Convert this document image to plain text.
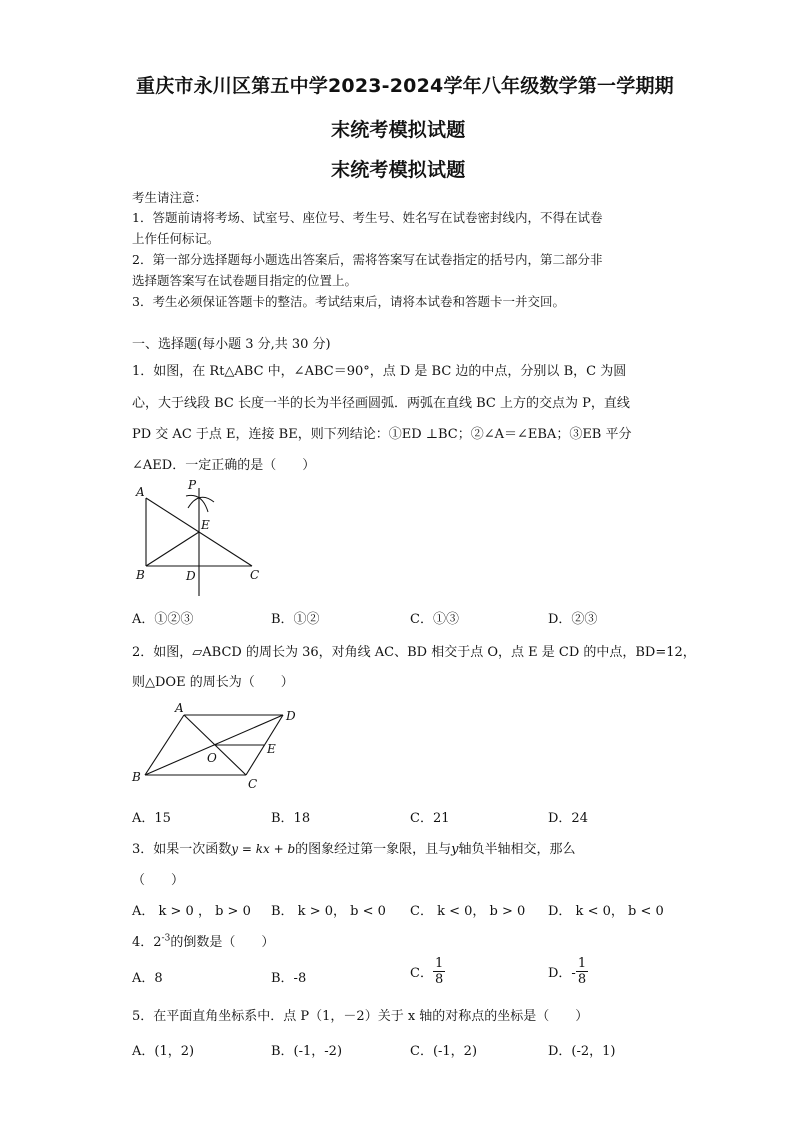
重庆市永川区第五中学2023-2024学年八年级数学第一学期期
末统考模拟试题
末统考模拟试题
考生请注意：
1．答题前请将考场、试室号、座位号、考生号、姓名写在试卷密封线内，不得在试卷
上作任何标记。
2．第一部分选择题每小题选出答案后，需将答案写在试卷指定的括号内，第二部分非
选择题答案写在试卷题目指定的位置上。
3．考生必须保证答题卡的整洁。考试结束后，请将本试卷和答题卡一并交回。
一、选择题(每小题 3 分,共 30 分)
1．如图，在 Rt△ABC 中，∠ABC＝90°，点 D 是 BC 边的中点，分别以 B，C 为圆
心，大于线段 BC 长度一半的长为半径画圆弧．两弧在直线 BC 上方的交点为 P，直线
PD 交 AC 于点 E，连接 BE，则下列结论：①ED ⊥BC；②∠A＝∠EBA；③EB 平分
∠AED．一定正确的是（　　）
A	P
E
B	D	C
A．①②③	B．①②	C．①③	D．②③
2．如图，▱ABCD 的周长为 36，对角线 AC、BD 相交于点 O，点 E 是 CD 的中点，BD=12，
则△DOE 的周长为（　　）
A
D
O
E
B	C
A．15	B．18	C．21	D．24
3．如果一次函数y = kx + b的图象经过第一象限，且与y轴负半轴相交，那么
（　　）
A． k > 0 ， b > 0 B． k > 0， b < 0 C． k < 0， b > 0 D． k < 0， b < 0
4．$2^{-3}$的倒数是（　　）
A．8	B．-8	C． $\frac{1}{8}$	D．- $\frac{1}{8}$
5．在平面直角坐标系中．点 P（1，－2）关于 x 轴的对称点的坐标是（　　）
A．(1，2)	B．(-1，-2)	C．(-1，2)	D．(-2，1)
